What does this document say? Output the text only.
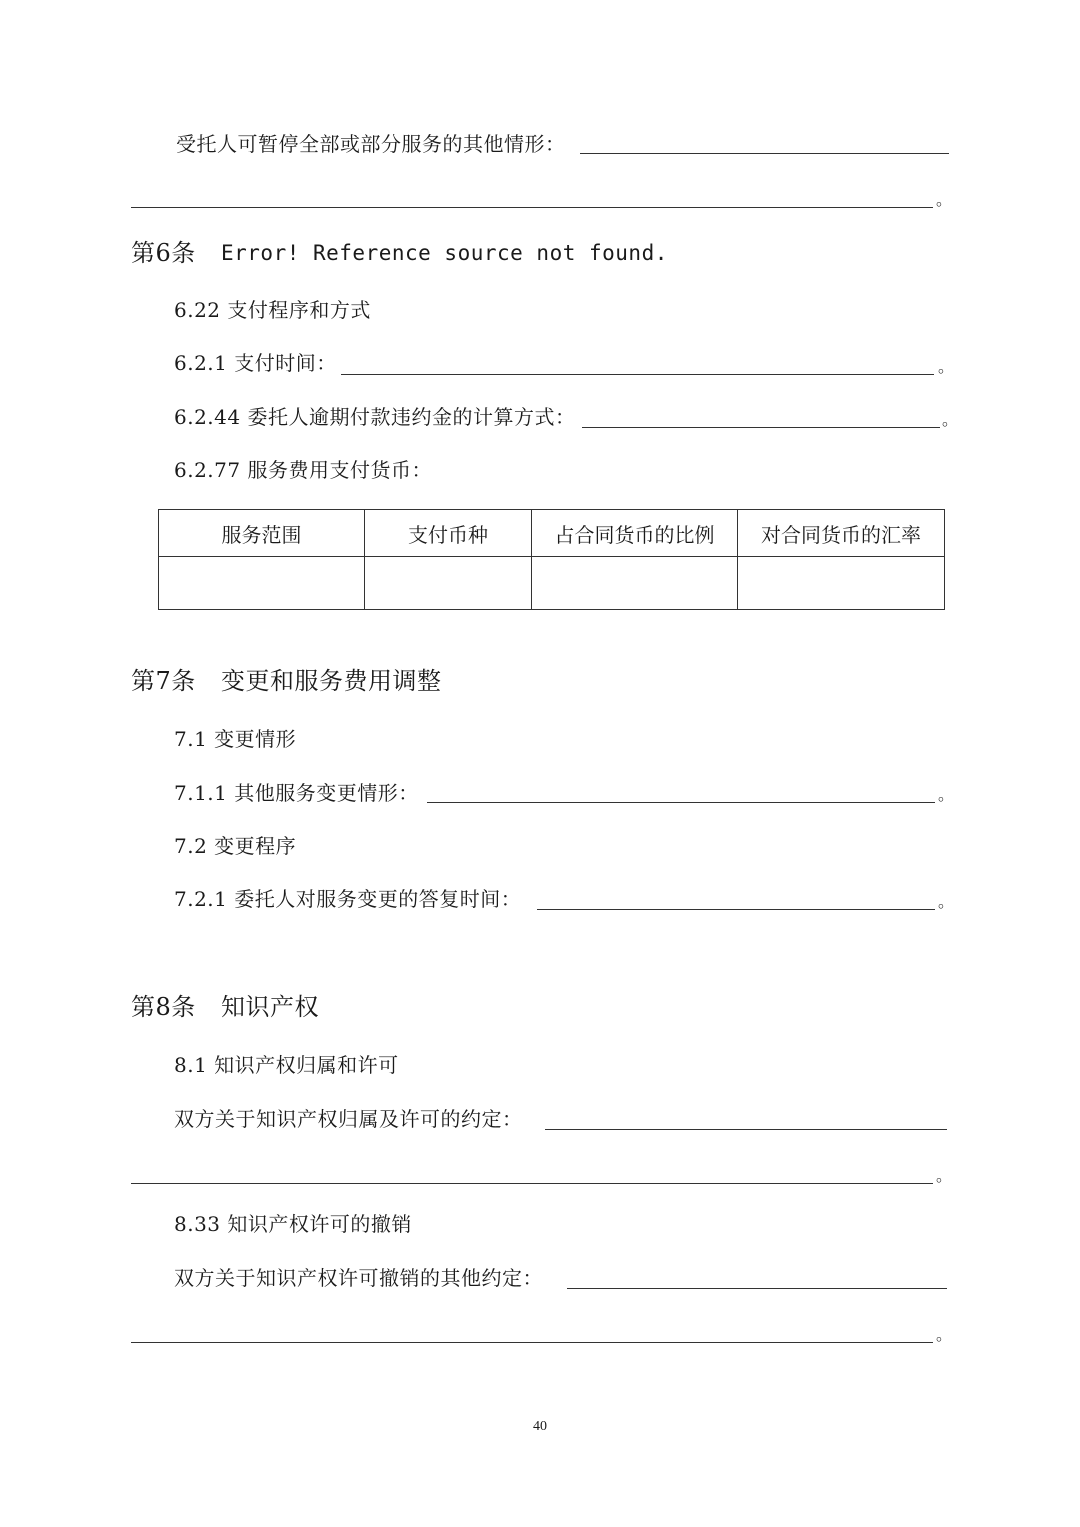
受托人可暂停全部或部分服务的其他情形：
。
第6条 Error! Reference source not found.
6.22 支付程序和方式
6.2.1 支付时间：	。
6.2.44 委托人逾期付款违约金的计算方式：	。
6.2.77 服务费用支付货币：
服务范围	支付币种	占合同货币的比例	对合同货币的汇率

第7条 变更和服务费用调整
7.1 变更情形
7.1.1 其他服务变更情形：	。
7.2 变更程序
7.2.1 委托人对服务变更的答复时间：	。
第8条 知识产权
8.1 知识产权归属和许可
双方关于知识产权归属及许可的约定：
。
8.33 知识产权许可的撤销
双方关于知识产权许可撤销的其他约定：
。
40
